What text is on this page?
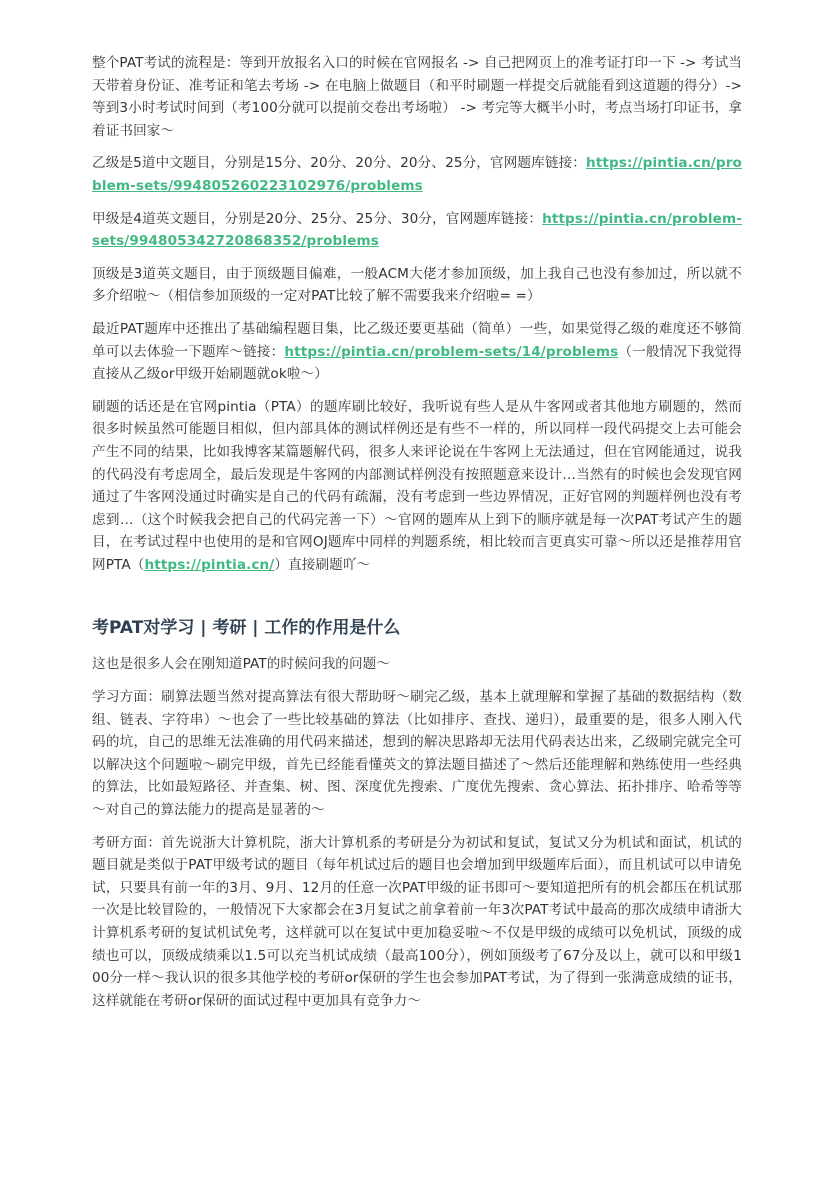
整个PAT考试的流程是：等到开放报名入口的时候在官网报名 -> 自己把网页上的准考证打印一下 -> 考试当天带着身份证、准考证和笔去考场 -> 在电脑上做题目（和平时刷题一样提交后就能看到这道题的得分）-> 等到3小时考试时间到（考100分就可以提前交卷出考场啦） -> 考完等大概半小时，考点当场打印证书，拿着证书回家～

乙级是5道中文题目，分别是15分、20分、20分、20分、25分，官网题库链接：https://pintia.cn/problem-sets/994805260223102976/problems

甲级是4道英文题目，分别是20分、25分、25分、30分，官网题库链接：https://pintia.cn/problem-sets/994805342720868352/problems

顶级是3道英文题目，由于顶级题目偏难，一般ACM大佬才参加顶级，加上我自己也没有参加过，所以就不多介绍啦～（相信参加顶级的一定对PAT比较了解不需要我来介绍啦= =）

最近PAT题库中还推出了基础编程题目集，比乙级还要更基础（简单）一些，如果觉得乙级的难度还不够简单可以去体验一下题库～链接：https://pintia.cn/problem-sets/14/problems（一般情况下我觉得直接从乙级or甲级开始刷题就ok啦～）

刷题的话还是在官网pintia（PTA）的题库刷比较好，我听说有些人是从牛客网或者其他地方刷题的，然而很多时候虽然可能题目相似，但内部具体的测试样例还是有些不一样的，所以同样一段代码提交上去可能会产生不同的结果，比如我博客某篇题解代码，很多人来评论说在牛客网上无法通过，但在官网能通过，说我的代码没有考虑周全，最后发现是牛客网的内部测试样例没有按照题意来设计…当然有的时候也会发现官网通过了牛客网没通过时确实是自己的代码有疏漏，没有考虑到一些边界情况，正好官网的判题样例也没有考虑到…（这个时候我会把自己的代码完善一下）～官网的题库从上到下的顺序就是每一次PAT考试产生的题目，在考试过程中也使用的是和官网OJ题库中同样的判题系统，相比较而言更真实可靠～所以还是推荐用官网PTA（https://pintia.cn/）直接刷题吖～

考PAT对学习 | 考研 | 工作的作用是什么

这也是很多人会在刚知道PAT的时候问我的问题～

学习方面：刷算法题当然对提高算法有很大帮助呀～刷完乙级，基本上就理解和掌握了基础的数据结构（数组、链表、字符串）～也会了一些比较基础的算法（比如排序、查找、递归），最重要的是，很多人刚入代码的坑，自己的思维无法准确的用代码来描述，想到的解决思路却无法用代码表达出来，乙级刷完就完全可以解决这个问题啦～刷完甲级，首先已经能看懂英文的算法题目描述了～然后还能理解和熟练使用一些经典的算法，比如最短路径、并查集、树、图、深度优先搜索、广度优先搜索、贪心算法、拓扑排序、哈希等等～对自己的算法能力的提高是显著的～

考研方面：首先说浙大计算机院，浙大计算机系的考研是分为初试和复试，复试又分为机试和面试，机试的题目就是类似于PAT甲级考试的题目（每年机试过后的题目也会增加到甲级题库后面），而且机试可以申请免试，只要具有前一年的3月、9月、12月的任意一次PAT甲级的证书即可～要知道把所有的机会都压在机试那一次是比较冒险的，一般情况下大家都会在3月复试之前拿着前一年3次PAT考试中最高的那次成绩申请浙大计算机系考研的复试机试免考，这样就可以在复试中更加稳妥啦～不仅是甲级的成绩可以免机试，顶级的成绩也可以，顶级成绩乘以1.5可以充当机试成绩（最高100分），例如顶级考了67分及以上，就可以和甲级100分一样～我认识的很多其他学校的考研or保研的学生也会参加PAT考试，为了得到一张满意成绩的证书，这样就能在考研or保研的面试过程中更加具有竞争力～
